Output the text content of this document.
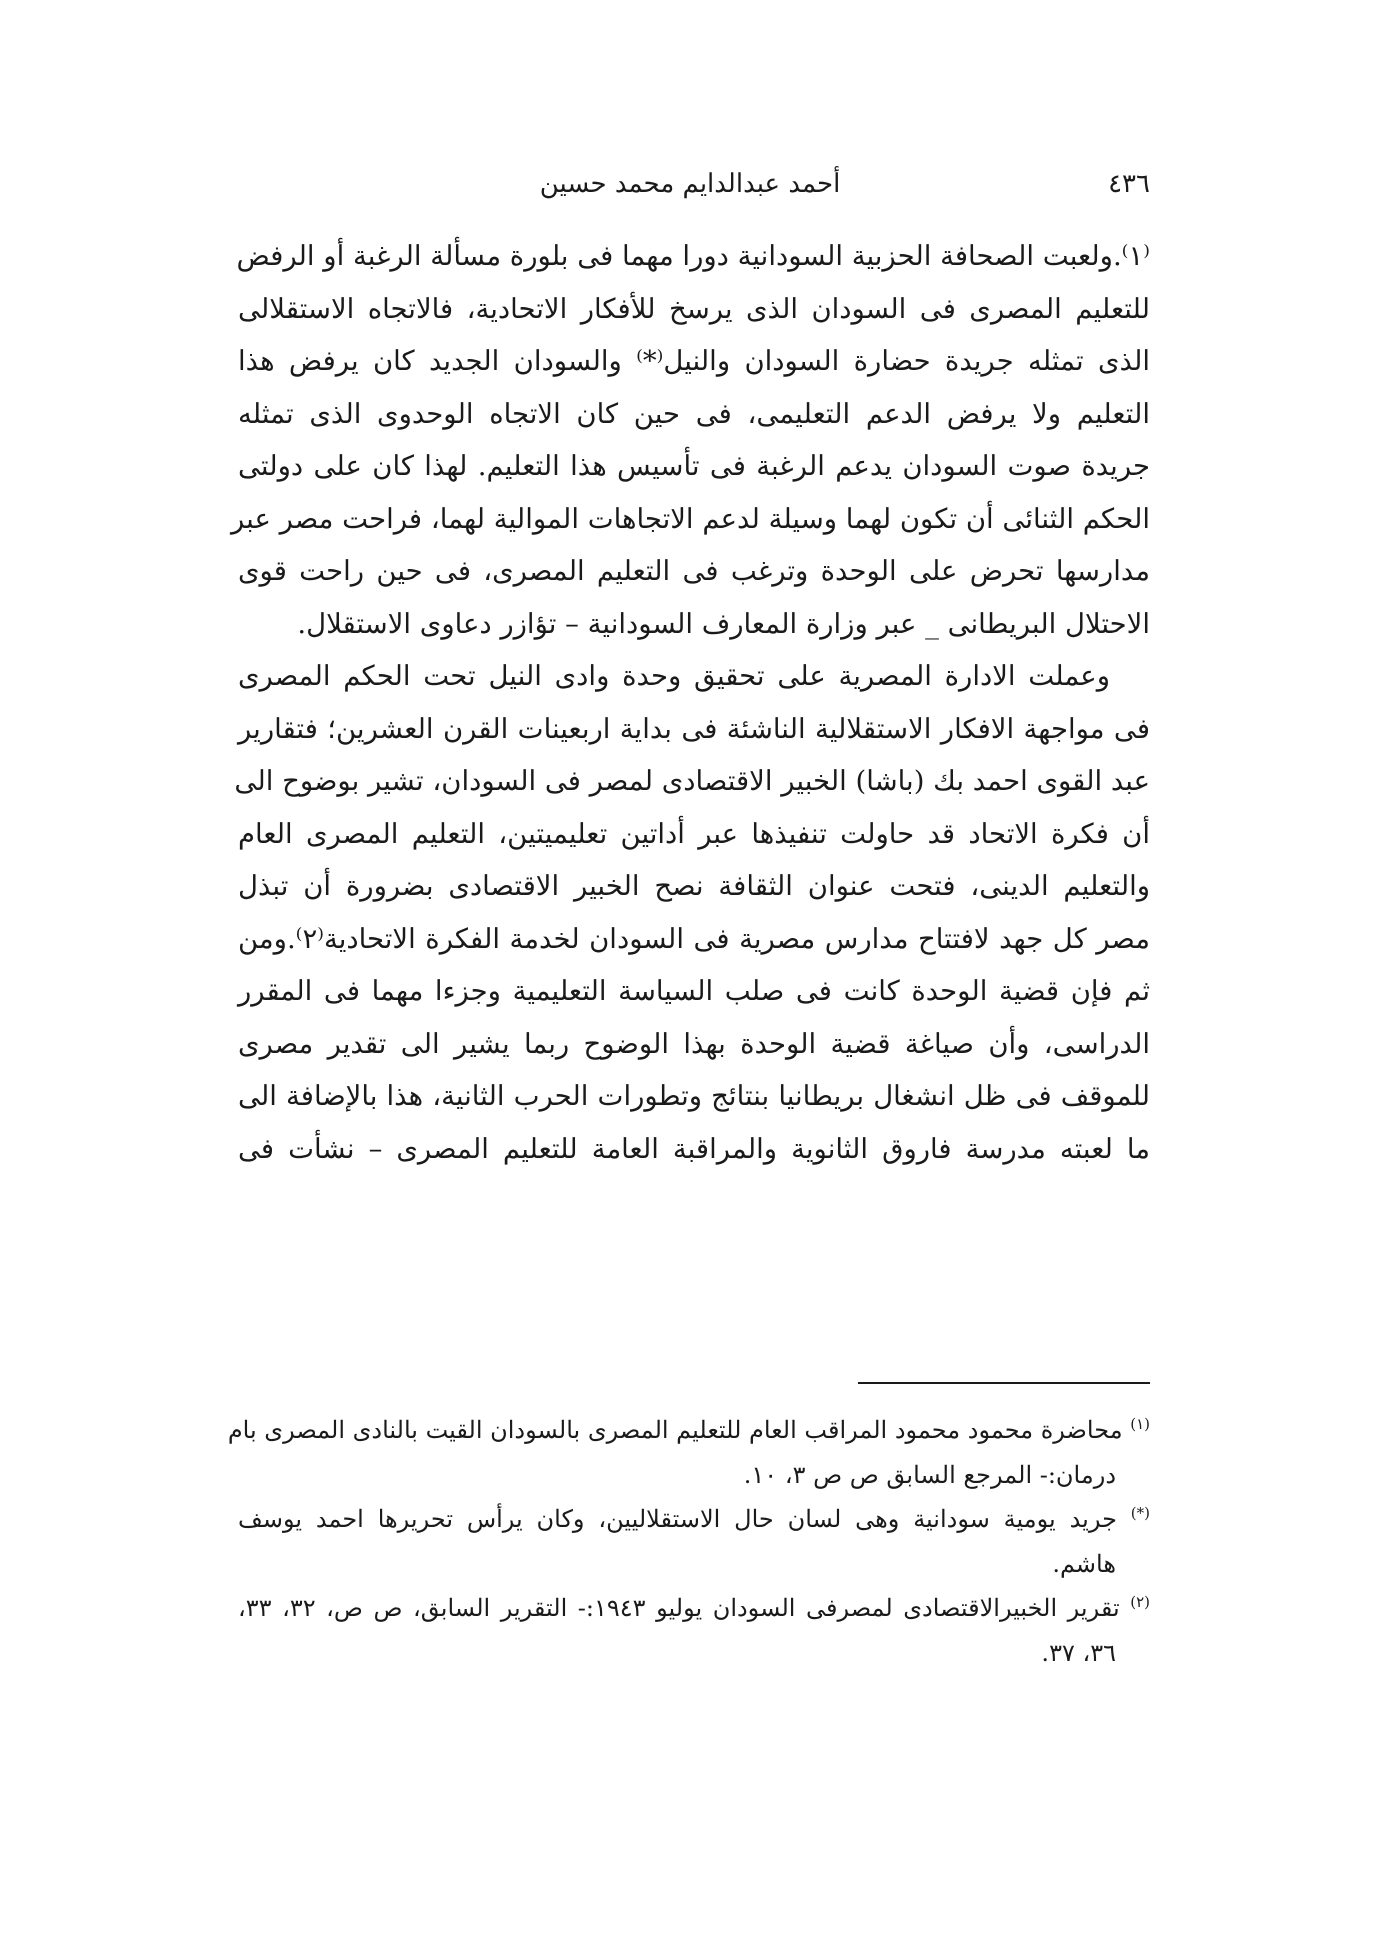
٤٣٦
أحمد عبدالدايم محمد حسين
⁽١⁾.ولعبت الصحافة الحزبية السودانية دورا مهما فى بلورة مسألة الرغبة أو الرفض
للتعليم المصرى فى السودان الذى يرسخ للأفكار الاتحادية، فالاتجاه الاستقلالى
الذى تمثله جريدة حضارة السودان والنيل⁽*⁾ والسودان الجديد كان يرفض هذا
التعليم ولا يرفض الدعم التعليمى، فى حين كان الاتجاه الوحدوى الذى تمثله
جريدة صوت السودان يدعم الرغبة فى تأسيس هذا التعليم. لهذا كان على دولتى
الحكم الثنائى أن تكون لهما وسيلة لدعم الاتجاهات الموالية لهما، فراحت مصر عبر
مدارسها تحرض على الوحدة وترغب فى التعليم المصرى، فى حين راحت قوى
الاحتلال البريطانى _ عبر وزارة المعارف السودانية – تؤازر دعاوى الاستقلال.
وعملت الادارة المصرية على تحقيق وحدة وادى النيل تحت الحكم المصرى
فى مواجهة الافكار الاستقلالية الناشئة فى بداية اربعينات القرن العشرين؛ فتقارير
عبد القوى احمد بك (باشا) الخبير الاقتصادى لمصر فى السودان، تشير بوضوح الى
أن فكرة الاتحاد قد حاولت تنفيذها عبر أداتين تعليميتين، التعليم المصرى العام
والتعليم الدينى، فتحت عنوان الثقافة نصح الخبير الاقتصادى بضرورة أن تبذل
مصر كل جهد لافتتاح مدارس مصرية فى السودان لخدمة الفكرة الاتحادية⁽٢⁾.ومن
ثم فإن قضية الوحدة كانت فى صلب السياسة التعليمية وجزءا مهما فى المقرر
الدراسى، وأن صياغة قضية الوحدة بهذا الوضوح ربما يشير الى تقدير مصرى
للموقف فى ظل انشغال بريطانيا بنتائج وتطورات الحرب الثانية، هذا بالإضافة الى
ما لعبته مدرسة فاروق الثانوية والمراقبة العامة للتعليم المصرى – نشأت فى
$^{(١)}$ محاضرة محمود محمود المراقب العام للتعليم المصرى بالسودان القيت بالنادى المصرى بام
درمان:- المرجع السابق ص ص ٣، ١٠.
(*) جريد يومية سودانية وهى لسان حال الاستقلاليين، وكان يرأس تحريرها احمد يوسف
هاشم.
$^{(٢)}$ تقرير الخبيرالاقتصادى لمصرفى السودان يوليو ١٩٤٣:- التقرير السابق، ص ص، ٣٢، ٣٣،
٣٦، ٣٧.
